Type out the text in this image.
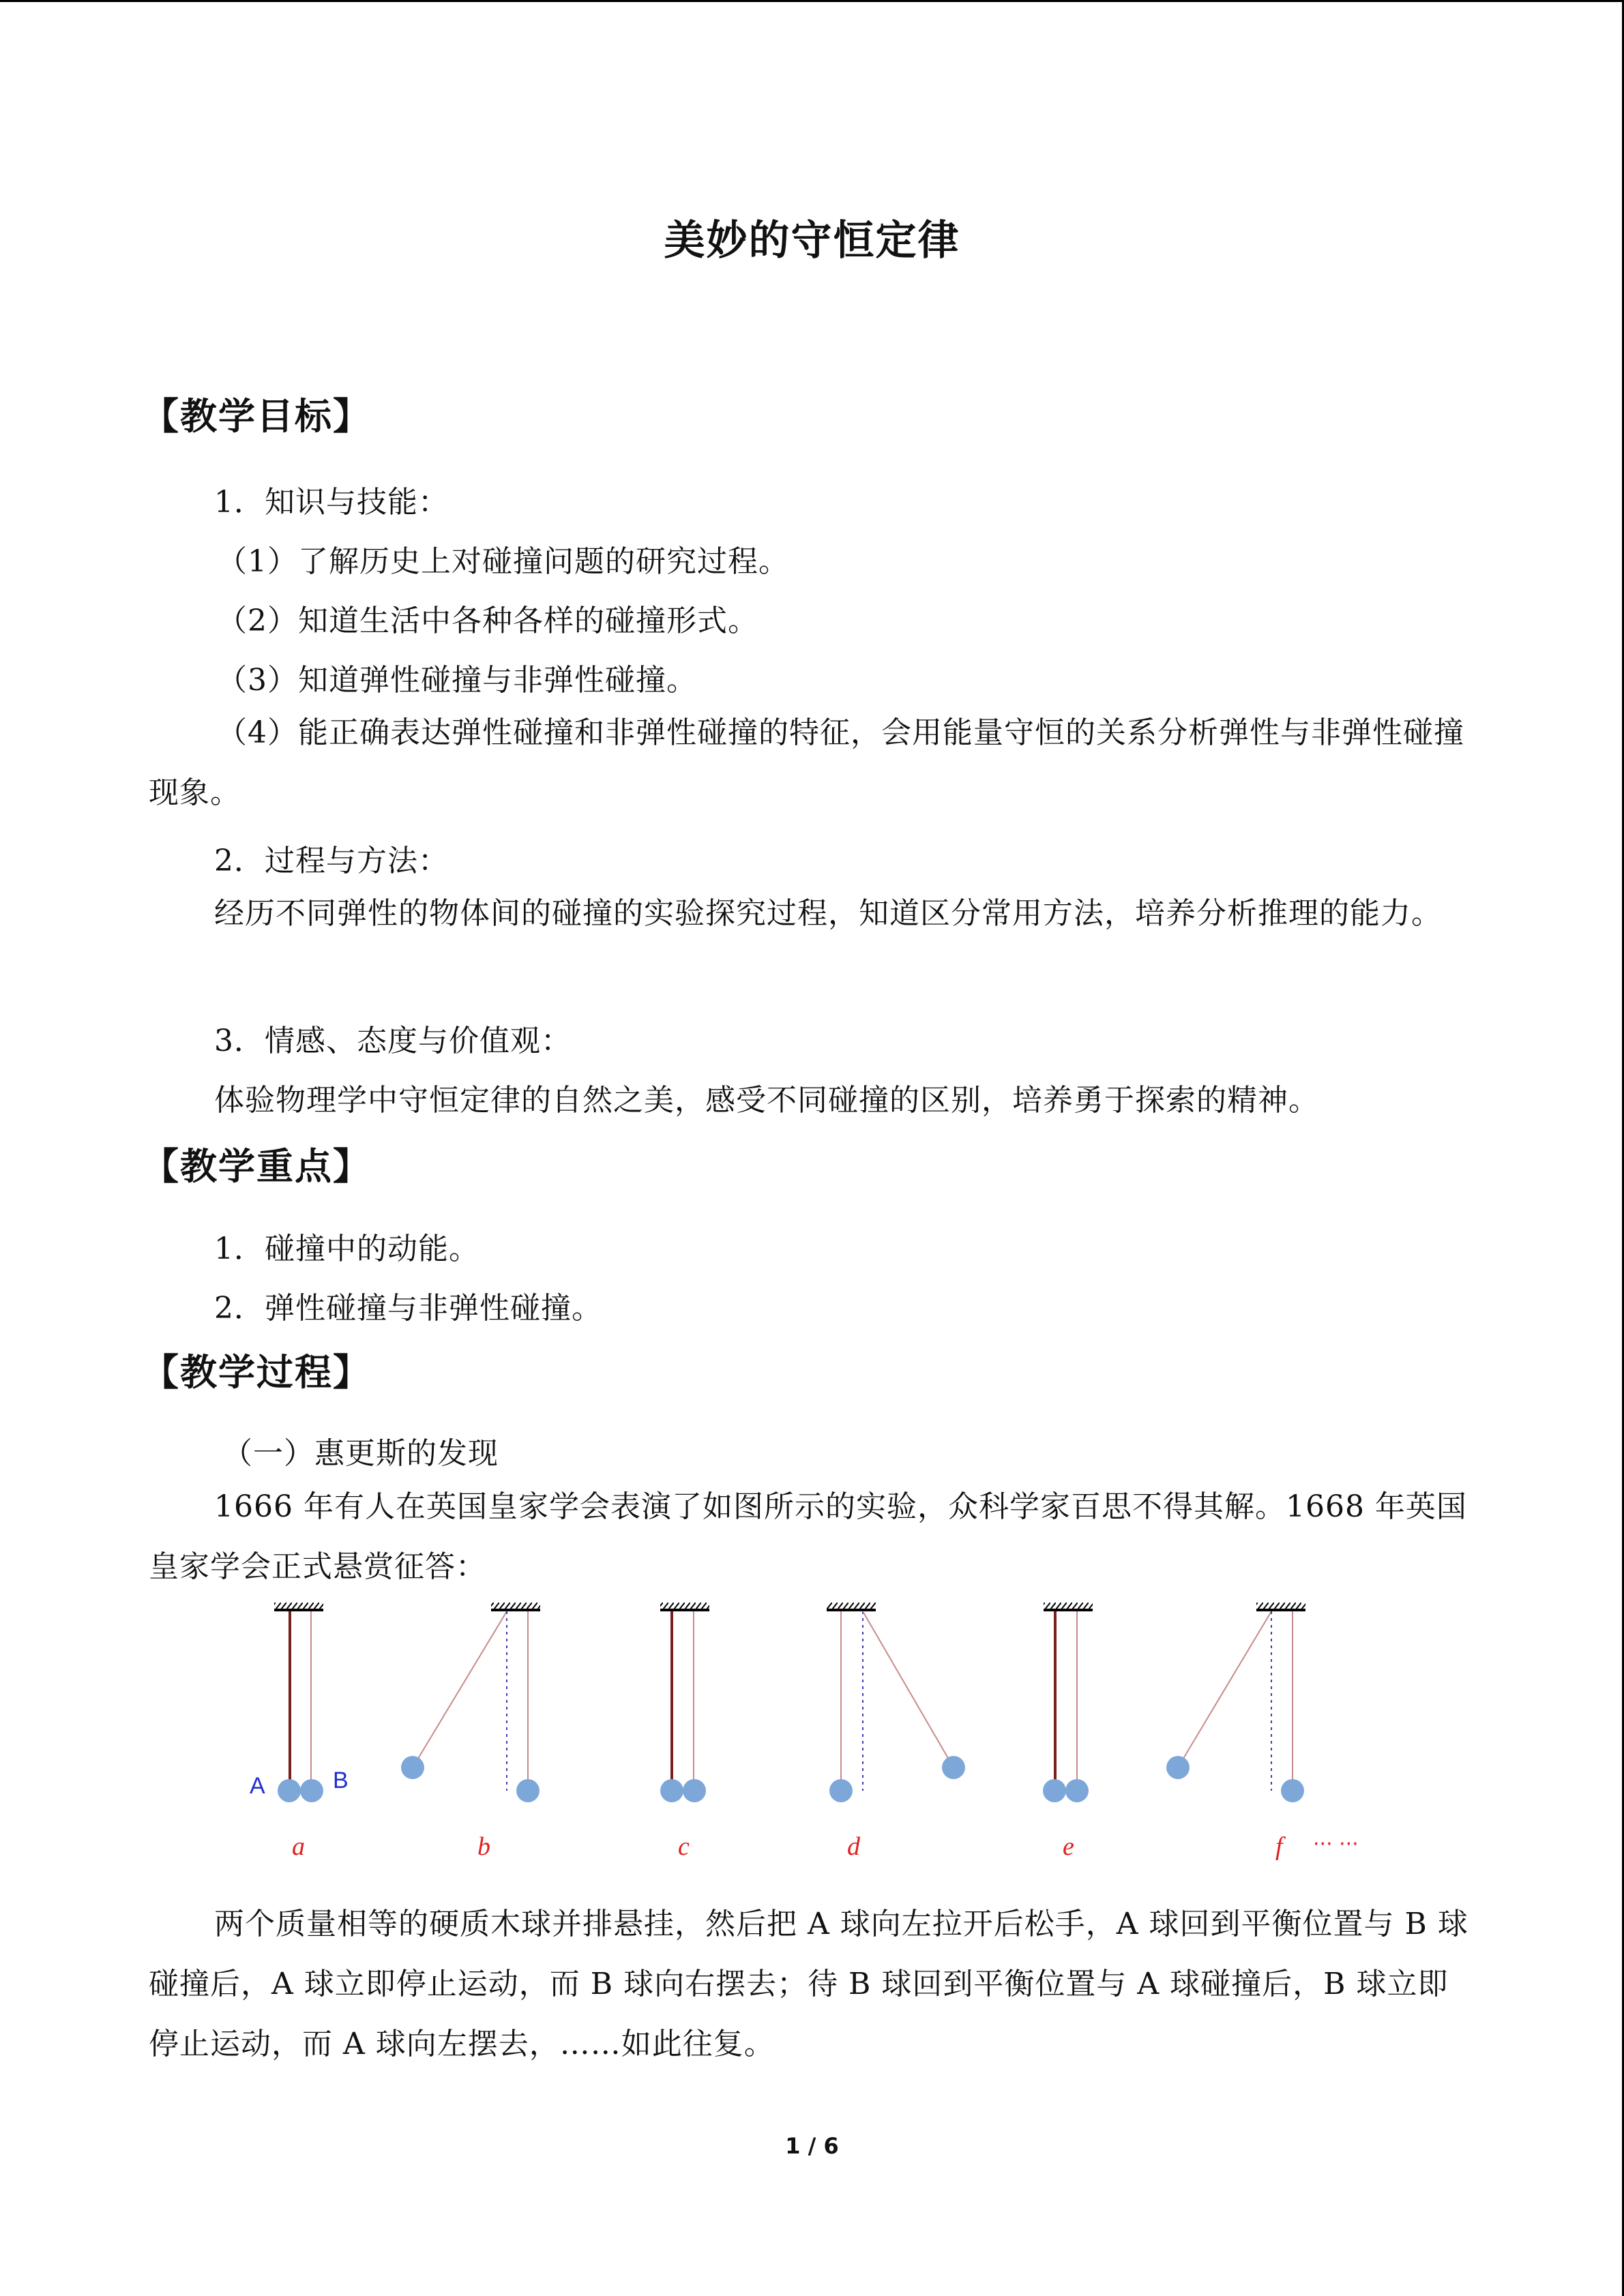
美妙的守恒定律
【教学目标】
1．知识与技能：
（1）了解历史上对碰撞问题的研究过程。
（2）知道生活中各种各样的碰撞形式。
（3）知道弹性碰撞与非弹性碰撞。
（4）能正确表达弹性碰撞和非弹性碰撞的特征，会用能量守恒的关系分析弹性与非弹性碰撞现象。
2．过程与方法：
经历不同弹性的物体间的碰撞的实验探究过程，知道区分常用方法，培养分析推理的能力。
3．情感、态度与价值观：
体验物理学中守恒定律的自然之美，感受不同碰撞的区别，培养勇于探索的精神。
【教学重点】
1．碰撞中的动能。
2．弹性碰撞与非弹性碰撞。
【教学过程】
（一）惠更斯的发现
1666 年有人在英国皇家学会表演了如图所示的实验，众科学家百思不得其解。1668 年英国皇家学会正式悬赏征答：
A	B
a	b	c	d	e	f ··· ···
两个质量相等的硬质木球并排悬挂，然后把 A 球向左拉开后松手，A 球回到平衡位置与 B 球碰撞后，A 球立即停止运动，而 B 球向右摆去；待 B 球回到平衡位置与 A 球碰撞后，B 球立即停止运动，而 A 球向左摆去，……如此往复。
1 / 6
